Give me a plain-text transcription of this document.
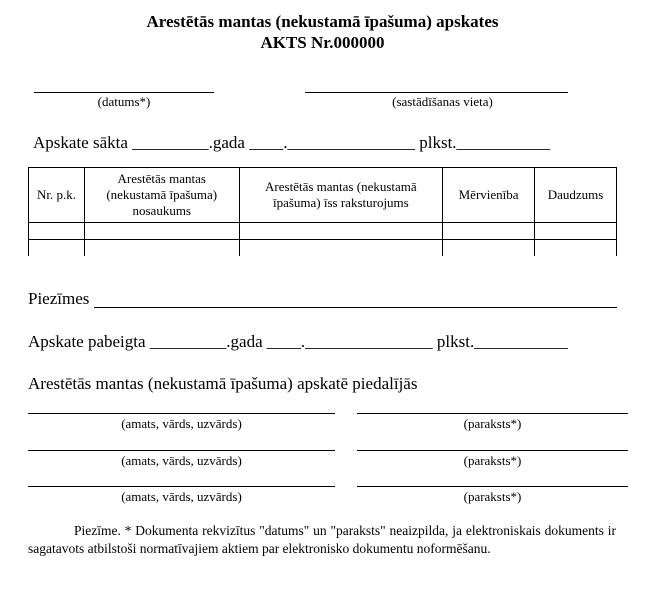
Arestētās mantas (nekustamā īpašuma) apskates
AKTS Nr.000000
(datums*)	(sastādīšanas vieta)
Apskate sākta _________.gada ____._______________ plkst.___________
Nr. p.k.	Arestētās mantas (nekustamā īpašuma) nosaukums	Arestētās mantas (nekustamā īpašuma) īss raksturojums	Mērvienība	Daudzums

Piezīmes
Apskate pabeigta _________.gada ____._______________ plkst.___________
Arestētās mantas (nekustamā īpašuma) apskatē piedalījās
(amats, vārds, uzvārds)	(paraksts*)
(amats, vārds, uzvārds)	(paraksts*)
(amats, vārds, uzvārds)	(paraksts*)
Piezīme. * Dokumenta rekvizītus "datums" un "paraksts" neaizpilda, ja elektroniskais dokuments ir sagatavots atbilstoši normatīvajiem aktiem par elektronisko dokumentu noformēšanu.
